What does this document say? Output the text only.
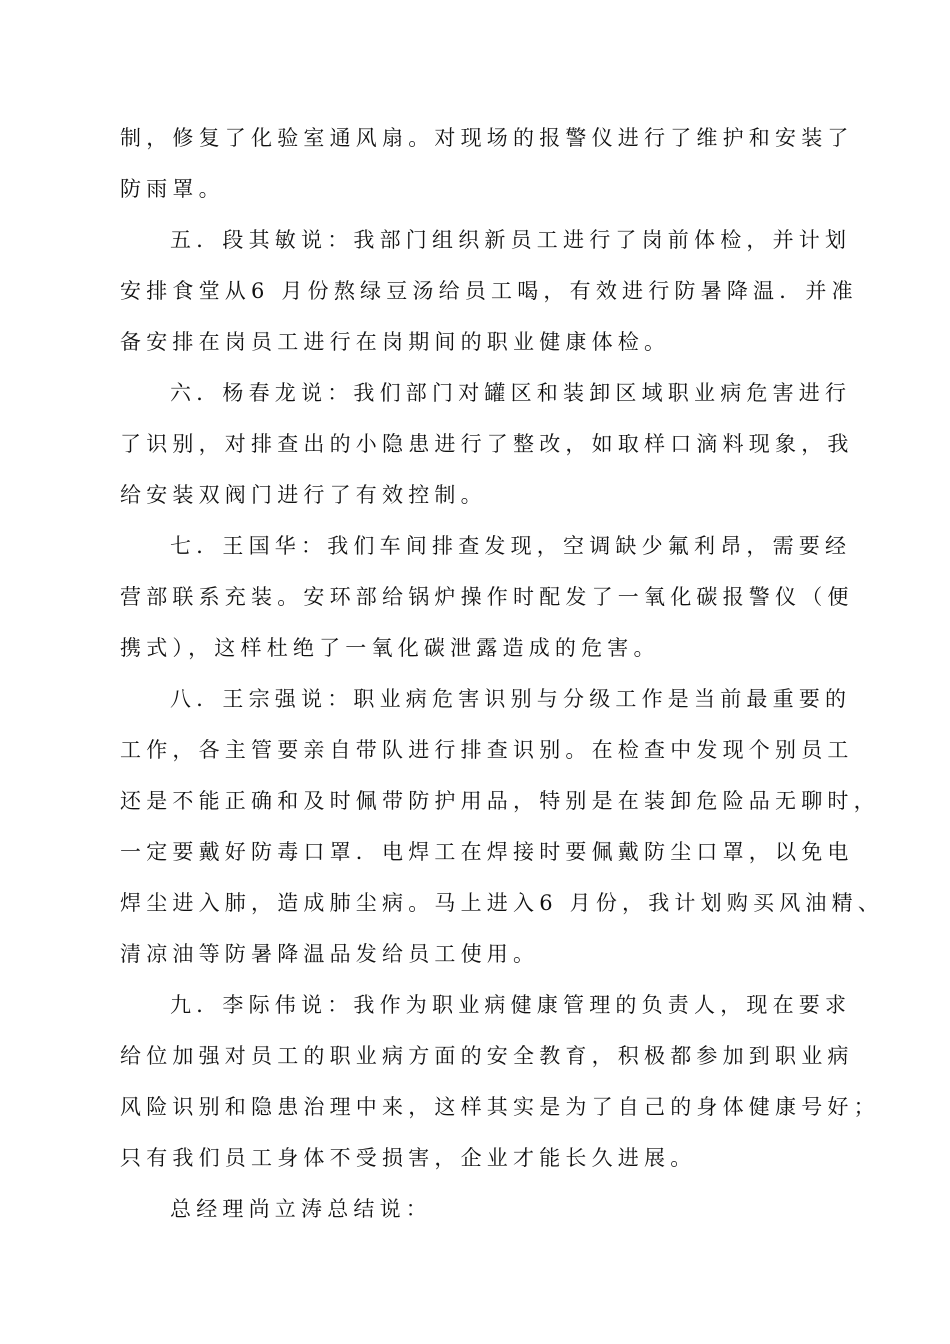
制，修复了化验室通风扇。对现场的报警仪进行了维护和安装了
防雨罩。
五．段其敏说：我部门组织新员工进行了岗前体检，并计划
安排食堂从6 月份熬绿豆汤给员工喝，有效进行防暑降温．并准
备安排在岗员工进行在岗期间的职业健康体检。
六．杨春龙说：我们部门对罐区和装卸区域职业病危害进行
了识别，对排查出的小隐患进行了整改，如取样口滴料现象，我
给安装双阀门进行了有效控制。
七．王国华：我们车间排查发现，空调缺少氟利昂，需要经
营部联系充装。安环部给锅炉操作时配发了一氧化碳报警仪（便
携式），这样杜绝了一氧化碳泄露造成的危害。
八．王宗强说：职业病危害识别与分级工作是当前最重要的
工作，各主管要亲自带队进行排查识别。在检查中发现个别员工
还是不能正确和及时佩带防护用品，特别是在装卸危险品无聊时，
一定要戴好防毒口罩．电焊工在焊接时要佩戴防尘口罩，以免电
焊尘进入肺，造成肺尘病。马上进入6 月份，我计划购买风油精、
清凉油等防暑降温品发给员工使用。
九．李际伟说：我作为职业病健康管理的负责人，现在要求
给位加强对员工的职业病方面的安全教育，积极都参加到职业病
风险识别和隐患治理中来，这样其实是为了自己的身体健康号好；
只有我们员工身体不受损害，企业才能长久进展。
总经理尚立涛总结说：
